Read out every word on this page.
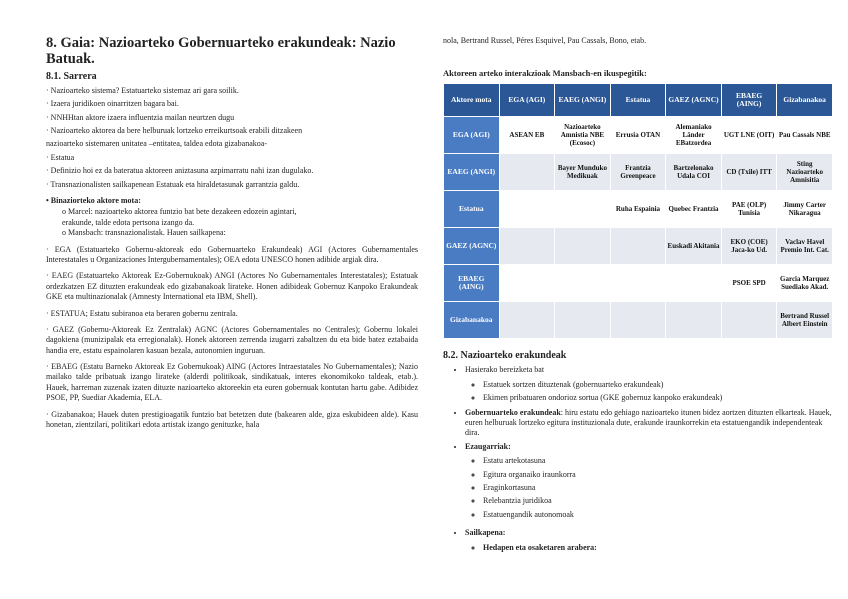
8. Gaia: Nazioarteko Gobernuarteko erakundeak: Nazio Batuak.
8.1. Sarrera

· Nazioarteko sistema? Estatuarteko sistemaz ari gara soilik.

· Izaera juridikoen oinarritzen bagara bai.

· NNHHtan aktore izaera influentzia mailan neurtzen dugu

· Nazioarteko aktorea da bere helburuak lortzeko erreikurtsoak erabili ditzakeen

nazioarteko sistemaren unitatea –entitatea, taldea edota gizabanakoa-

· Estatua

· Definizio hoi ez da bateratua aktoreen aniztasuna azpimarratu nahi izan dugulako.

· Transnazionalisten sailkapenean Estatuak eta hiraldetasunak garrantzia galdu.

• Binaziorteko aktore mota:

o Marcel: nazioarteko aktorea funtzio bat bete dezakeen edozein agintari,

erakunde, talde edota pertsona izango da.

o Mansbach: transnazionalistak. Hauen sailkapena:

· EGA (Estatuarteko Gobernu-aktoreak edo Gobernuarteko Erakundeak) AGI (Actores Gubernamentales Interestatales u Organizaciones Intergubernamentales); OEA edota UNESCO honen adibide argiak dira.

· EAEG (Estatuarteko Aktoreak Ez-Gobernukoak) ANGI (Actores No Gubernamentales Interestatales); Estatuak ordezkatzen EZ dituzten erakundeak edo gizabanakoak lirateke. Honen adibideak Gobernuz Kanpoko Erakundeak GKE eta multinazionalak (Amnesty International eta IBM, Shell).

· ESTATUA; Estatu subiranoa eta beraren gobernu zentrala.

· GAEZ (Gobernu-Aktoreak Ez Zentralak) AGNC (Actores Gobernamentales no Centrales); Gobernu lokalei dagokiena (munizipalak eta erregionalak). Honek aktoreen zerrenda izugarri zabaltzen du eta bide batez eztabaida handia ere, estatu espainolaren kasuan bezala, autonomien inguruan.

· EBAEG (Estatu Barneko Aktoreak Ez Gobernukoak) AING (Actores Intraestatales No Gubernamentales); Nazio mailako talde pribatuak izango lirateke (alderdi politikoak, sindikatuak, interes ekonomikoko taldeak, etab.). Hauek, harreman zuzenak izaten dituzte nazioarteko aktoreekin eta euren gobernuak kontutan hartu gabe. Adibidez PSOE, PP, Suediar Akademia, ELA.

· Gizabanakoa; Hauek duten prestigioagatik funtzio bat betetzen dute (bakearen alde, giza eskubideen alde). Kasu honetan, zientzilari, politikari edota artistak izango genituzke, hala

nola, Bertrand Russel, Péres Esquivel, Pau Cassals, Bono, etab.

Aktoreen arteko interakzioak Mansbach-en ikuspegitik:
Aktore mota	EGA (AGI)	EAEG (ANGI)	Estatua	GAEZ (AGNC)	EBAEG (AING)	Gizabanakoa
EGA (AGI)	ASEAN EB	Nazioarteko Amnistia NBE (Ecosoc)	Errusia OTAN	Alemaniako Länder EBatzordea	UGT LNE (OIT)	Pau Cassals NBE
EAEG (ANGI)		Bayer Munduko Medikuak	Frantzia Greenpeace	Bartzelonako Udala COI	CD (Txile) ITT	Sting Nazioarteko Amnisitia
Estatua			Ruha Espainia	Quebec Frantzia	PAE (OLP) Tunisia	Jimmy Carter Nikaragua
GAEZ (AGNC)				Euskadi Akitania	EKO (COE) Jaca-ko Ud.	Vaclav Havel Premio Int. Cat.
EBAEG (AING)					PSOE SPD	Garcia Marquez Suediako Akad.
Gizabanakoa						Bertrand Russel Albert Einstein
8.2. Nazioarteko erakundeak
• Hasierako bereizketa bat
◦ Estatuek sortzen dituztenak (gobernuarteko erakundeak)
◦ Ekimen pribatuaren ondorioz sortua (GKE gobernuz kanpoko erakundeak)
• Gobernuarteko erakundeak: hiru estatu edo gehiago nazioarteko itunen bidez aortzen dituzten elkarteak. Hauek, euren helburuak lortzeko egitura instituzionala dute, erakunde iraunkorrekin eta estatuengandik independenteak dira.
• Ezaugarriak:
◦ Estatu artekotasuna
◦ Egitura organaiko iraunkorra
◦ Eraginkortasuna
◦ Relebantzia juridikoa
◦ Estatuengandik autonomoak
• Sailkapena:
◦ Hedapen eta osaketaren arabera:
